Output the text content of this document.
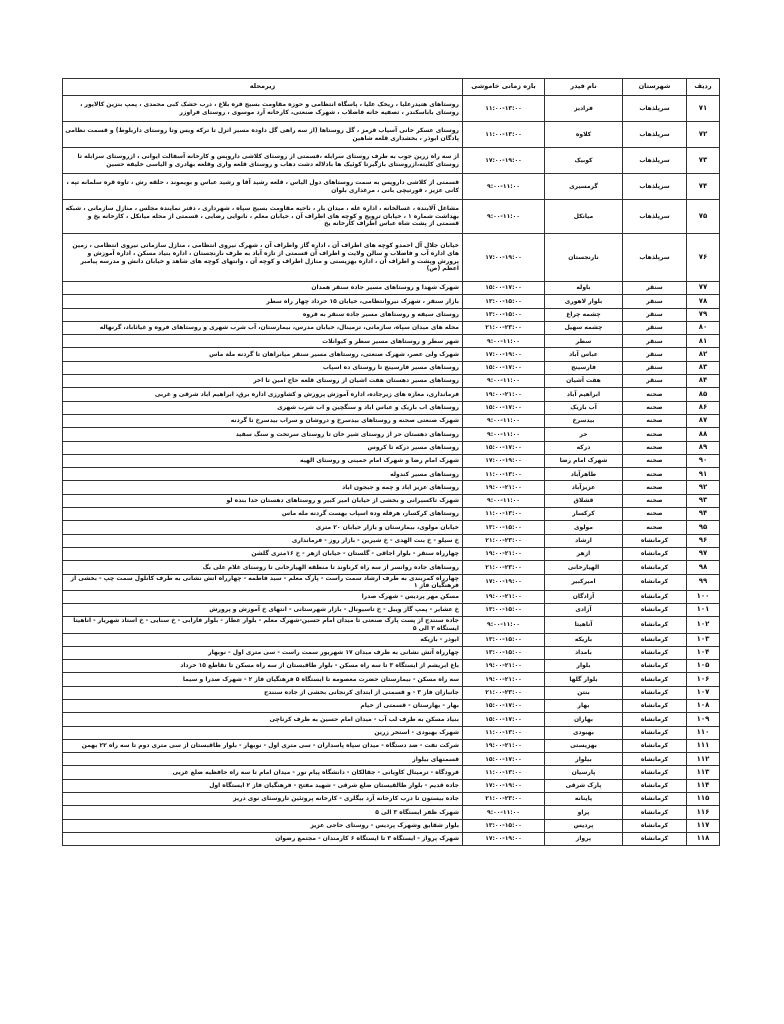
ردیف	شهرستان	نام فیدر	بازه زمانی خاموشی	زیرمحله
۷۱	سرپلذهاب	فرادیز	۱۱:۰۰-۱۳:۰۰	روستاهای هتیدرعلیا ، ریخک علیا ، پاسگاه انتظامی و حوزه مقاومت بسیج فره بلاغ ، درب خشک کبی محمدی ، پمپ بنزین کالاپور ، روستای باباسکندر ، تصفیه خانه فاضلاب ، شهرک صنعتی، کارخانه آرد موسوی ، روستای فراوزر
۷۲	سرپلذهاب	کلاوه	۱۱:۰۰-۱۳:۰۰	روستای عسکر خانی آسیاب قرمز ، گل روستاها (از سه راهی گل داوده مسیر انزل تا ترکه ویس وتا روستای داربلوط) و قسمت نظامی پادگان ابوذر ، بخشداری قلعه شاهین
۷۳	سرپلذهاب	کوبیک	۱۷:۰۰-۱۹:۰۰	از سه راه زرین جوب به طرف روستای سرابله ،قسمتی از روستای کلاشی داروپس و کارخانه آسفالت ایوانی ، ازروستای سرابله تا روستای کلیته،ازروستای بازگیرتا کوئیک ها بادلاله دشت دهاب و روستای قلعه واری وقلعه بهادری و الیاسی خلیفه حسین
۷۴	سرپلذهاب	گرمسیری	۹:۰۰-۱۱:۰۰	قسمتی از کلاشی داروپس به سمت روستاهای دول الیاس ، قلعه رشید آقا و رشید عباس و بویموند ، حلقه رش ، تاوه قره سلمانه تپه ، کانی عزیز ، قورتیچی بانی ، مرغداری بلوان
۷۵	سرپلذهاب	میانکل	۹:۰۰-۱۱:۰۰	مشاغل آلابنده ، غسالخانه ، اداره غله ، میدان بار ، ناحیه مقاومت بسیج سپاه ، شهرداری ، دفتر نماینده مجلس ، منازل سازمانی ، شبکه بهداشت شماره ۱ ، خیابان ترویج و کوچه های اطراف آن ، خیابان معلم ، نانوایی رضایی ، قسمتی از محله میانکل ، کارخانه یخ و قسمتی از پشت شاه عباس اطراف کارخانه یخ
۷۶	سرپلذهاب	نارنجستان	۱۷:۰۰-۱۹:۰۰	خیابان جلال آل احمدو کوچه های اطراف آن ، اداره گاز واطراف آن ، شهرک نیروی انتظامی ، منازل سازمانی نیروی انتظامی ، زمین های اداره آب و فاضلاب و سالن ولایت و اطراف آن قسمتی از تازه آباد به طرف نارنجستان ، اداره بنیاد مسکن ، اداره آموزش و پرورش وپشت و اطراف آن ، اداره بهزیستی و منازل اطراف و کوچه آن ، وانتهای کوچه های شاهد و خیابان دانش و مدرسه پیامبر اعظم (ص)
۷۷	سنقر	باوله	۱۵:۰۰-۱۷:۰۰	شهرک شهدا و روستاهای مسیر جاده سنقر همدان
۷۸	سنقر	بلوار لاهوری	۱۳:۰۰-۱۵:۰۰	بازار سنقر ، شهرک نیروانتظامی، خیابان ۱۵ خرداد چهار راه سطر
۷۹	سنقر	چشمه چراغ	۱۳:۰۰-۱۵:۰۰	روستای سیفه و روستاهای مسیر جاده سنقر به فروه
۸۰	سنقر	چشمه سهیل	۲۱:۰۰-۲۳:۰۰	محله های میدان سپاه، سازمانی، ترمینال، خیابان مدرس، بیمارستان، آب شرب شهری و روستاهای فروه و غیاثاباد، گرنهاله
۸۱	سنقر	سطر	۹:۰۰-۱۱:۰۰	شهر سطر و روستاهای مسیر سطر و کیوانلات
۸۲	سنقر	عباس آباد	۱۷:۰۰-۱۹:۰۰	شهرک ولی عصر، شهرک صنعتی، روستاهای مسیر سنقر میانراهان تا گردنه ملة ماس
۸۳	سنقر	فارسینج	۱۵:۰۰-۱۷:۰۰	روستاهای مسیر فارسینج تا روستای ده اسپاب
۸۴	سنقر	هفت آشیان	۹:۰۰-۱۱:۰۰	روستاهای مسیر دهستان هفت اشیان از روستای قلعه حاج امین تا اخر
۸۵	صحنه	ابراهیم آباد	۱۹:۰۰-۲۱:۰۰	فرمانداری، مغازه های زیرجاده، اداره آموزش پرورش و کشاورزی اداره برق، ابراهیم اباد شرقی و غربی
۸۶	صحنه	آب باریک	۱۵:۰۰-۱۷:۰۰	روستاهای اب باریک و عباس اباد و سنگچین و اب شرب شهری
۸۷	صحنه	بیدسرخ	۹:۰۰-۱۱:۰۰	شهرک صنعتی صحنه و روستاهای بیدسرخ و دروشان و سراب بیدسرخ تا گردنه
۸۸	صحنه	حر	۹:۰۰-۱۱:۰۰	روستاهای دهستان حر از روستای شیر خان تا روستای سرتخت و سنگ سفید
۸۹	صحنه	درکه	۱۵:۰۰-۱۷:۰۰	روستاهای مسیر درکه تا کروس
۹۰	صحنه	شهرک امام رضا	۱۷:۰۰-۱۹:۰۰	شهرک امام رضا و شهرک امام خمینی و روستای الهیه
۹۱	صحنه	طاهرآباد	۱۱:۰۰-۱۳:۰۰	روستاهای مسیر کندوله
۹۲	صحنه	عزیزآباد	۱۹:۰۰-۲۱:۰۰	روستاهای عزیز اباد و چمه و جیحون اباد
۹۳	صحنه	قشلاق	۹:۰۰-۱۱:۰۰	شهرک تاکسیرانی و بخشی از خیابان امیر کبیر و روستاهای دهستان خدا بنده لو
۹۴	صحنه	کرکسار	۱۱:۰۰-۱۳:۰۰	روستاهای کرکسار، هرفله وده اسپاب بهست گردنه مله ماس
۹۵	صحنه	مولوی	۱۳:۰۰-۱۵:۰۰	خیابان مولوی، بیمارستان و بازار خیابان ۲۰ متری
۹۶	کرمانشاه	ارشاد	۲۱:۰۰-۲۳:۰۰	خ سیلو - خ بنت الهدی - خ شیرین - بازار روز - فرمانداری
۹۷	کرمانشاه	ازهر	۱۹:۰۰-۲۱:۰۰	چهارراه سنقر - بلوار اجاقی - گلستان - خیابان ازهر - خ ۱۶متری گلشن
۹۸	کرمانشاه	الهیارخانی	۲۱:۰۰-۲۳:۰۰	روستاهای جاده روانسر از سه راه کرناوند تا منطقه الهیارخانی تا روستای غلام علی بگ
۹۹	کرمانشاه	امیرکبیر	۱۷:۰۰-۱۹:۰۰	چهارراه کمربندی به طرف ارشاد سمت راست - پارک معلم - سید فاطمه - چهارراه آتش نشانی به طرف کانلول سمت چپ - بخشی از فرهنگیان فاز ۱
۱۰۰	کرمانشاه	آزادگان	۱۹:۰۰-۲۱:۰۰	مسکن مهر پردیس - شهرک صدرا
۱۰۱	کرمانشاه	آزادی	۱۳:۰۰-۱۵:۰۰	خ عشایر - پمپ گاز وییل - خ تاسیونال - بازار شهرستانی - انتهای خ آموزش و پرورش
۱۰۲	کرمانشاه	آناهیتا	۹:۰۰-۱۱:۰۰	جاده سنندج از پست پارک صنعتی تا میدان امام حسین-شهرک معلم - بلوار عطار - بلوار فارابی - خ سنایی - خ استاد شهریار - آناهیتا ایستگاه ۳ الی ۵
۱۰۳	کرمانشاه	باریکه	۱۳:۰۰-۱۵:۰۰	ابوذر - باریکه
۱۰۴	کرمانشاه	بامداد	۱۳:۰۰-۱۵:۰۰	چهارراه آتش نشانی به طرف میدان ۱۷ شهریور سمت راست - سی متری اول - نوبهار
۱۰۵	کرمانشاه	بلوار	۱۹:۰۰-۲۱:۰۰	باغ ابریشم از ایستگاه ۳ تا سه راه مسکن - بلوار طاقبستان از سه راه مسکن تا تقاطع ۱۵ خرداد
۱۰۶	کرمانشاه	بلوار گلها	۱۹:۰۰-۲۱:۰۰	سه راه مسکن - بیمارستان حضرت معصومه تا ایستگاه ۵ فرهنگیان فاز ۲ - شهرک صدرا و سیما
۱۰۷	کرمانشاه	بنتن	۲۱:۰۰-۲۳:۰۰	جانبازان فاز ۳ - و قسمتی از ابتدای کرنجانی بخشی از جاده سنندج
۱۰۸	کرمانشاه	بهار	۱۵:۰۰-۱۷:۰۰	بهار - بهارستان - قسمتی از خیام
۱۰۹	کرمانشاه	بهاران	۱۵:۰۰-۱۷:۰۰	بنیاد مسکن به طرف لب آب - میدان امام حسین به طرف کرناچی
۱۱۰	کرمانشاه	بهبودی	۱۱:۰۰-۱۳:۰۰	شهرک بهبودی - استخر زرین
۱۱۱	کرمانشاه	بهزیستی	۱۹:۰۰-۲۱:۰۰	شرکت نفت - ضد دستگاه - میدان سپاه پاسداران - سی متری اول - نوبهار - بلوار طاقبستان از سی متری دوم تا سه راه ۲۲ بهمن
۱۱۲	کرمانشاه	بیلوار	۱۵:۰۰-۱۷:۰۰	قسمتهای بیلوار
۱۱۳	کرمانشاه	پارسیان	۱۱:۰۰-۱۳:۰۰	فرودگاه - ترمینال کاویانی - جقالکان - دانشگاه پیام نور - میدان امام تا سه راه حافظیه ضلع غربی
۱۱۴	کرمانشاه	پارک شرقی	۱۷:۰۰-۱۹:۰۰	جاده قدیم - بلوار طالقیستان ضلع شرقی - شهید مفتح - فرهنگیان فاز ۲ ایستگاه اول
۱۱۵	کرمانشاه	پاینانه	۲۱:۰۰-۲۳:۰۰	جاده بیستون تا درب کارخانه آرد بیگلری - کارخانه پروتئین تاروستای نوی دریز
۱۱۶	کرمانشاه	پراو	۹:۰۰-۱۱:۰۰	شهرک ظفر ایستگاه ۳ الی ۵
۱۱۷	کرمانشاه	پردیس	۱۳:۰۰-۱۵:۰۰	بلوار شقایق وشهرک پردیس - روستای حاجی عزیز
۱۱۸	کرمانشاه	پرواز	۱۷:۰۰-۱۹:۰۰	شهرک پرواز - ایستگاه ۳ تا ایستگاه ۶ کارمندان - مجتمع رضوان
